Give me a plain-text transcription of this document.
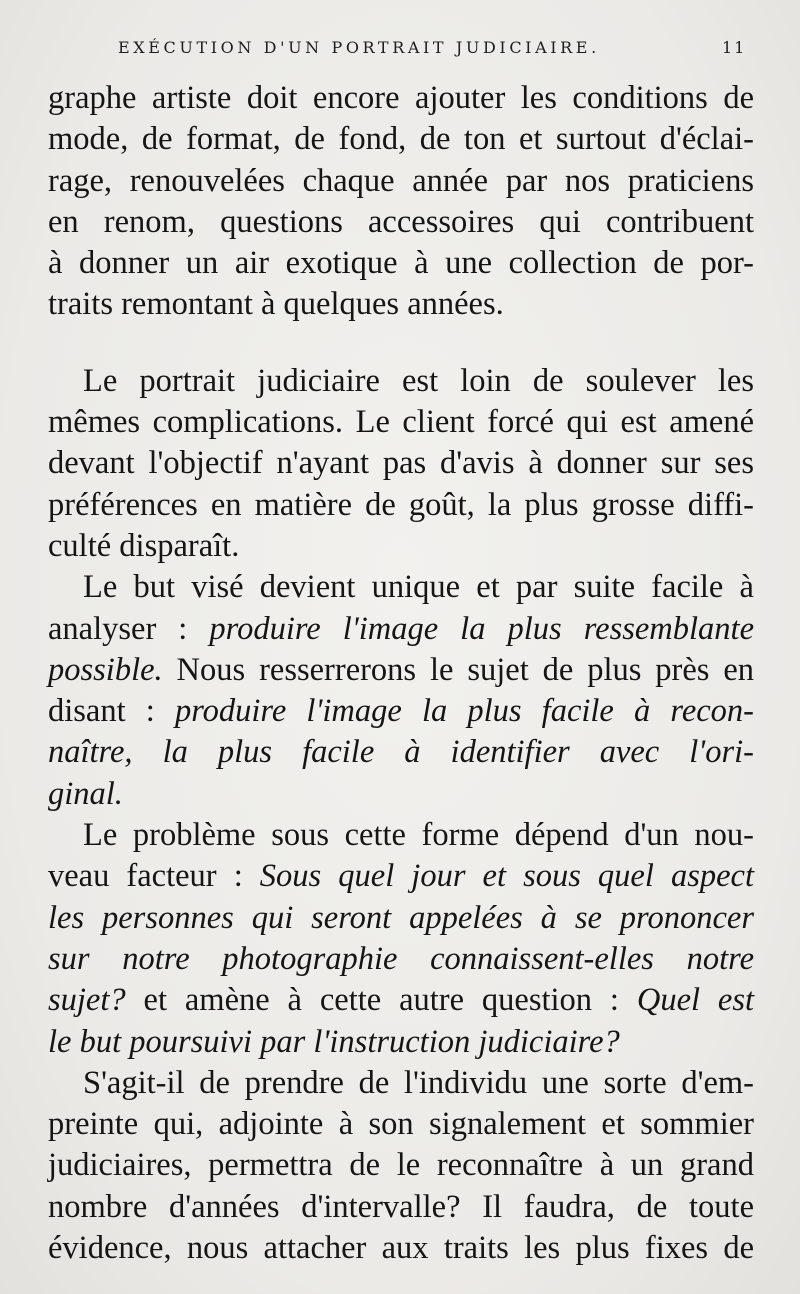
EXÉCUTION D'UN PORTRAIT JUDICIAIRE.	11
graphe artiste doit encore ajouter les conditions de
mode, de format, de fond, de ton et surtout d'éclai-
rage, renouvelées chaque année par nos praticiens
en renom, questions accessoires qui contribuent
à donner un air exotique à une collection de por-
traits remontant à quelques années.
Le portrait judiciaire est loin de soulever les
mêmes complications. Le client forcé qui est amené
devant l'objectif n'ayant pas d'avis à donner sur ses
préférences en matière de goût, la plus grosse diffi-
culté disparaît.
Le but visé devient unique et par suite facile à
analyser : produire l'image la plus ressemblante
possible. Nous resserrerons le sujet de plus près en
disant : produire l'image la plus facile à recon-
naître, la plus facile à identifier avec l'ori-
ginal.
Le problème sous cette forme dépend d'un nou-
veau facteur : Sous quel jour et sous quel aspect
les personnes qui seront appelées à se prononcer
sur notre photographie connaissent-elles notre
sujet? et amène à cette autre question : Quel est
le but poursuivi par l'instruction judiciaire?
S'agit-il de prendre de l'individu une sorte d'em-
preinte qui, adjointe à son signalement et sommier
judiciaires, permettra de le reconnaître à un grand
nombre d'années d'intervalle? Il faudra, de toute
évidence, nous attacher aux traits les plus fixes de
